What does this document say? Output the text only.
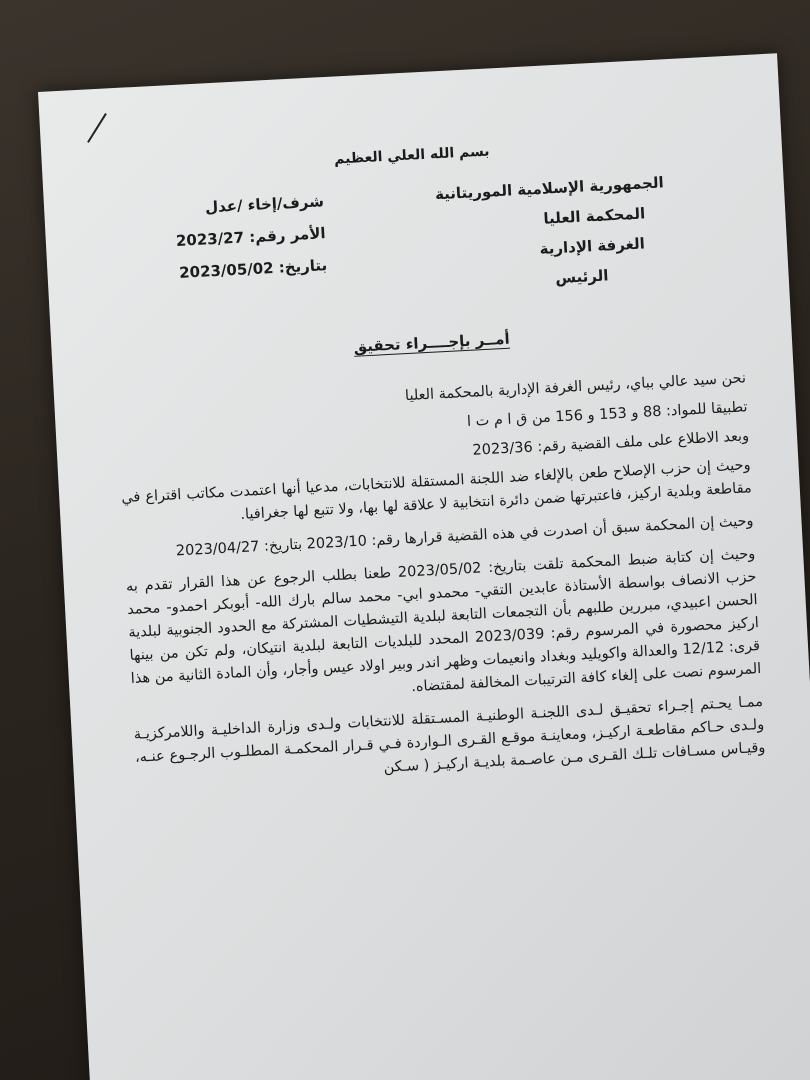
بسم الله العلي العظيم
الجمهورية الإسلامية الموريتانية
المحكمة العليا
الغرفة الإدارية
الرئيس
شرف/إخاء /عدل
الأمر رقم: 2023/27
بتاريخ: 2023/05/02
أمــر بإجــــراء تحقيق

نحن سيد عالي بباي، رئيس الغرفة الإدارية بالمحكمة العليا

تطبيقا للمواد: 88 و 153 و 156 من ق ا م ت ا

وبعد الاطلاع على ملف القضية رقم: 2023/36

وحيث إن حزب الإصلاح طعن بالإلغاء ضد اللجنة المستقلة للانتخابات، مدعيا أنها اعتمدت مكاتب اقتراع في مقاطعة وبلدية اركيز، فاعتبرتها ضمن دائرة انتخابية لا علاقة لها بها، ولا تتبع لها جغرافيا.

وحيث إن المحكمة سبق أن اصدرت في هذه القضية قرارها رقم: 2023/10 بتاريخ: 2023/04/27

وحيث إن كتابة ضبط المحكمة تلقت بتاريخ: 2023/05/02 طعنا بطلب الرجوع عن هذا القرار تقدم به حزب الانصاف بواسطة الأستاذة عابدين التقي- محمدو ابي- محمد سالم بارك الله- أبوبكر احمدو- محمد الحسن اعبيدي، مبررين طلبهم بأن التجمعات التابعة لبلدية التيشطيات المشتركة مع الحدود الجنوبية لبلدية اركيز محصورة في المرسوم رقم: 2023/039 المحدد للبلديات التابعة لبلدية انتيكان، ولم تكن من بينها قرى: 12/12 والعدالة واكويليد وبغداد وانعيمات وظهر اندر وبير اولاد عيس وأجار، وأن المادة الثانية من هذا المرسوم نصت على إلغاء كافة الترتيبات المخالفة لمقتضاه.

ممـا يحـتم إجـراء تحقيـق لـدى اللجنـة الوطنيـة المسـتقلة للانتخابات ولـدى وزارة الداخليـة واللامركزيـة ولـدى حـاكم مقاطعـة اركيـز، ومعاينـة موقـع القـرى الـواردة فـي قـرار المحكمـة المطلـوب الرجـوع عنـه، وقيـاس مسـافات تلـك القـرى مـن عاصـمة بلديـة اركيـز ( سـكن
